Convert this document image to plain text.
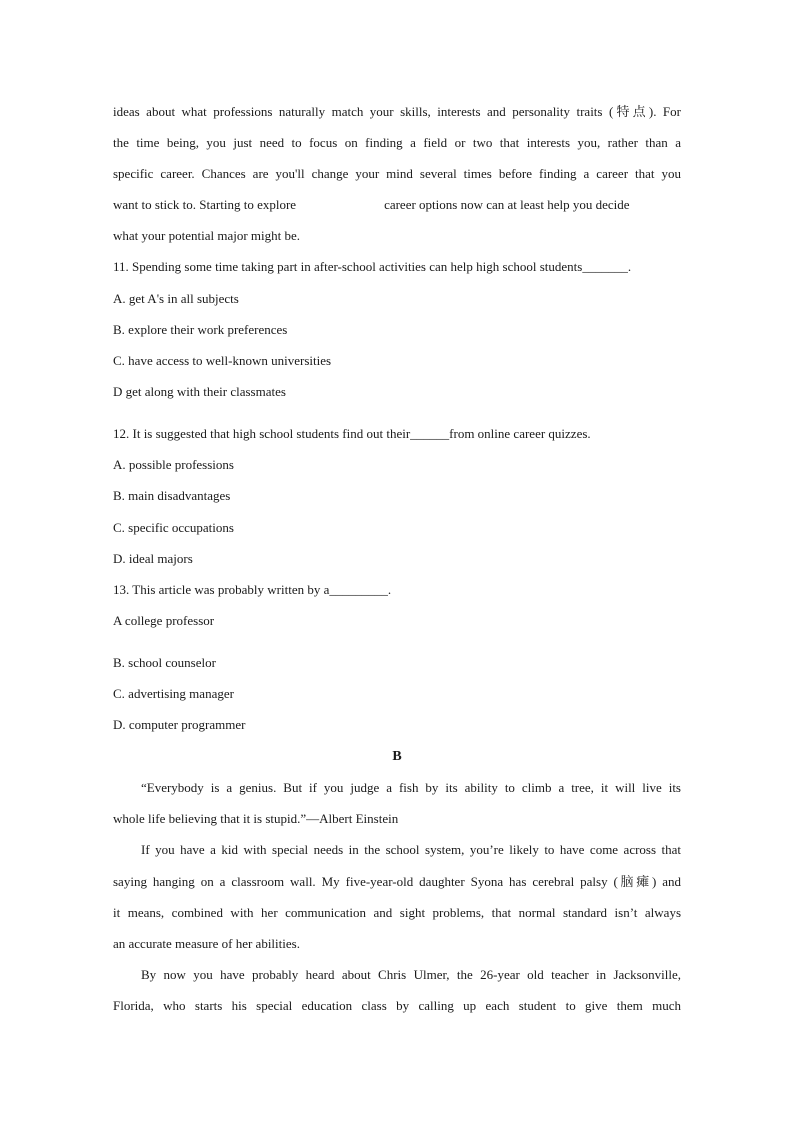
ideas about what professions naturally match your skills, interests and personality traits (特点). For
the time being, you just need to focus on finding a field or two that interests you, rather than a
specific career. Chances are you'll change your mind several times before finding a career that you
want to stick to. Starting to explore	career options now can at least help you decide
what your potential major might be.
11. Spending some time taking part in after-school activities can help high school students_______.
A. get A's in all subjects
B. explore their work preferences
C. have access to well-known universities
D get along with their classmates
12. It is suggested that high school students find out their______from online career quizzes.
A. possible professions
B. main disadvantages
C. specific occupations
D. ideal majors
13. This article was probably written by a_________.
A college professor
B. school counselor
C. advertising manager
D. computer programmer
B
“Everybody is a genius. But if you judge a fish by its ability to climb a tree, it will live its
whole life believing that it is stupid.”—Albert Einstein
If you have a kid with special needs in the school system, you’re likely to have come across that
saying hanging on a classroom wall. My five-year-old daughter Syona has cerebral palsy (脑瘫) and
it means, combined with her communication and sight problems, that normal standard isn’t always
an accurate measure of her abilities.
By now you have probably heard about Chris Ulmer, the 26-year old teacher in Jacksonville,
Florida, who starts his special education class by calling up each student to give them much
